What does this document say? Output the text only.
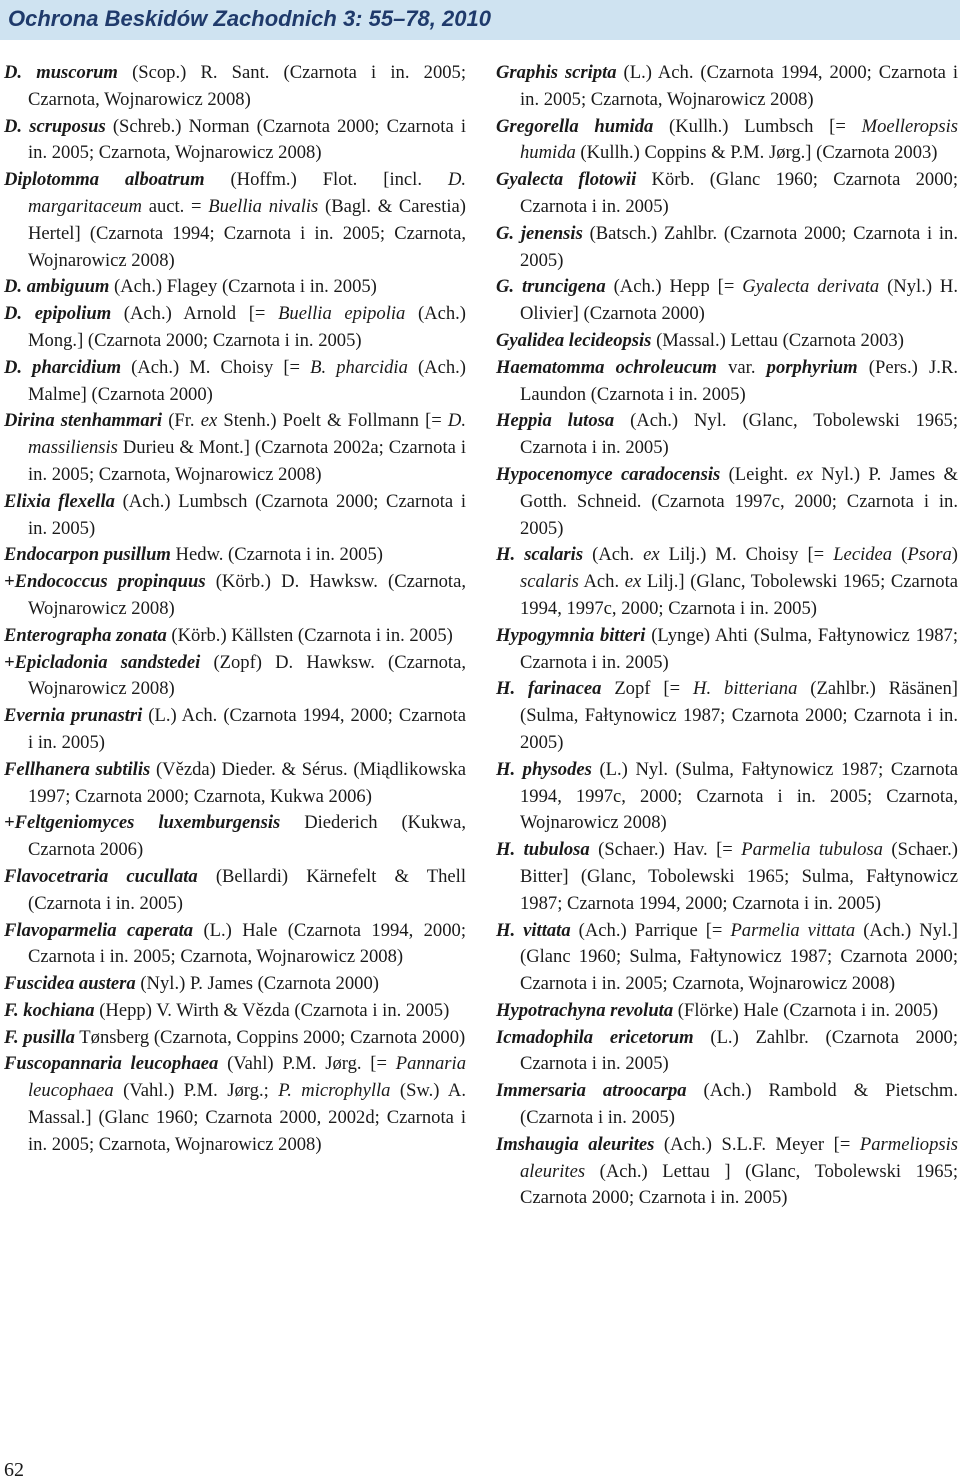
Ochrona Beskidów Zachodnich 3: 55–78, 2010
D. muscorum (Scop.) R. Sant. (Czarnota i in. 2005; Czarnota, Wojnarowicz 2008)
D. scruposus (Schreb.) Norman (Czarnota 2000; Czarnota i in. 2005; Czarnota, Wojnarowicz 2008)
Diplotomma alboatrum (Hoffm.) Flot. [incl. D. margaritaceum auct. = Buellia nivalis (Bagl. & Carestia) Hertel] (Czarnota 1994; Czarnota i in. 2005; Czarnota, Wojnarowicz 2008)
D. ambiguum (Ach.) Flagey (Czarnota i in. 2005)
D. epipolium (Ach.) Arnold [= Buellia epipolia (Ach.) Mong.] (Czarnota 2000; Czarnota i in. 2005)
D. pharcidium (Ach.) M. Choisy [= B. pharcidia (Ach.) Malme] (Czarnota 2000)
Dirina stenhammari (Fr. ex Stenh.) Poelt & Follmann [= D. massiliensis Durieu & Mont.] (Czarnota 2002a; Czarnota i in. 2005; Czarnota, Wojnarowicz 2008)
Elixia flexella (Ach.) Lumbsch (Czarnota 2000; Czarnota i in. 2005)
Endocarpon pusillum Hedw. (Czarnota i in. 2005)
+Endococcus propinquus (Körb.) D. Hawksw. (Czarnota, Wojnarowicz 2008)
Enterographa zonata (Körb.) Källsten (Czarnota i in. 2005)
+Epicladonia sandstedei (Zopf) D. Hawksw. (Czarnota, Wojnarowicz 2008)
Evernia prunastri (L.) Ach. (Czarnota 1994, 2000; Czarnota i in. 2005)
Fellhanera subtilis (Vězda) Dieder. & Sérus. (Miądlikowska 1997; Czarnota 2000; Czarnota, Kukwa 2006)
+Feltgeniomyces luxemburgensis Diederich (Kukwa, Czarnota 2006)
Flavocetraria cucullata (Bellardi) Kärnefelt & Thell (Czarnota i in. 2005)
Flavoparmelia caperata (L.) Hale (Czarnota 1994, 2000; Czarnota i in. 2005; Czarnota, Wojnarowicz 2008)
Fuscidea austera (Nyl.) P. James (Czarnota 2000)
F. kochiana (Hepp) V. Wirth & Vězda (Czarnota i in. 2005)
F. pusilla Tønsberg (Czarnota, Coppins 2000; Czarnota 2000)
Fuscopannaria leucophaea (Vahl) P.M. Jørg. [= Pannaria leucophaea (Vahl.) P.M. Jørg.; P. microphylla (Sw.) A. Massal.] (Glanc 1960; Czarnota 2000, 2002d; Czarnota i in. 2005; Czarnota, Wojnarowicz 2008)
Graphis scripta (L.) Ach. (Czarnota 1994, 2000; Czarnota i in. 2005; Czarnota, Wojnarowicz 2008)
Gregorella humida (Kullh.) Lumbsch [= Moelleropsis humida (Kullh.) Coppins & P.M. Jørg.] (Czarnota 2003)
Gyalecta flotowii Körb. (Glanc 1960; Czarnota 2000; Czarnota i in. 2005)
G. jenensis (Batsch.) Zahlbr. (Czarnota 2000; Czarnota i in. 2005)
G. truncigena (Ach.) Hepp [= Gyalecta derivata (Nyl.) H. Olivier] (Czarnota 2000)
Gyalidea lecideopsis (Massal.) Lettau (Czarnota 2003)
Haematomma ochroleucum var. porphyrium (Pers.) J.R. Laundon (Czarnota i in. 2005)
Heppia lutosa (Ach.) Nyl. (Glanc, Tobolewski 1965; Czarnota i in. 2005)
Hypocenomyce caradocensis (Leight. ex Nyl.) P. James & Gotth. Schneid. (Czarnota 1997c, 2000; Czarnota i in. 2005)
H. scalaris (Ach. ex Lilj.) M. Choisy [= Lecidea (Psora) scalaris Ach. ex Lilj.] (Glanc, Tobolewski 1965; Czarnota 1994, 1997c, 2000; Czarnota i in. 2005)
Hypogymnia bitteri (Lynge) Ahti (Sulma, Fałtynowicz 1987; Czarnota i in. 2005)
H. farinacea Zopf [= H. bitteriana (Zahlbr.) Räsänen] (Sulma, Fałtynowicz 1987; Czarnota 2000; Czarnota i in. 2005)
H. physodes (L.) Nyl. (Sulma, Fałtynowicz 1987; Czarnota 1994, 1997c, 2000; Czarnota i in. 2005; Czarnota, Wojnarowicz 2008)
H. tubulosa (Schaer.) Hav. [= Parmelia tubulosa (Schaer.) Bitter] (Glanc, Tobolewski 1965; Sulma, Fałtynowicz 1987; Czarnota 1994, 2000; Czarnota i in. 2005)
H. vittata (Ach.) Parrique [= Parmelia vittata (Ach.) Nyl.] (Glanc 1960; Sulma, Fałtynowicz 1987; Czarnota 2000; Czarnota i in. 2005; Czarnota, Wojnarowicz 2008)
Hypotrachyna revoluta (Flörke) Hale (Czarnota i in. 2005)
Icmadophila ericetorum (L.) Zahlbr. (Czarnota 2000; Czarnota i in. 2005)
Immersaria atroocarpa (Ach.) Rambold & Pietschm. (Czarnota i in. 2005)
Imshaugia aleurites (Ach.) S.L.F. Meyer [= Parmeliopsis aleurites (Ach.) Lettau ] (Glanc, Tobolewski 1965; Czarnota 2000; Czarnota i in. 2005)
62
